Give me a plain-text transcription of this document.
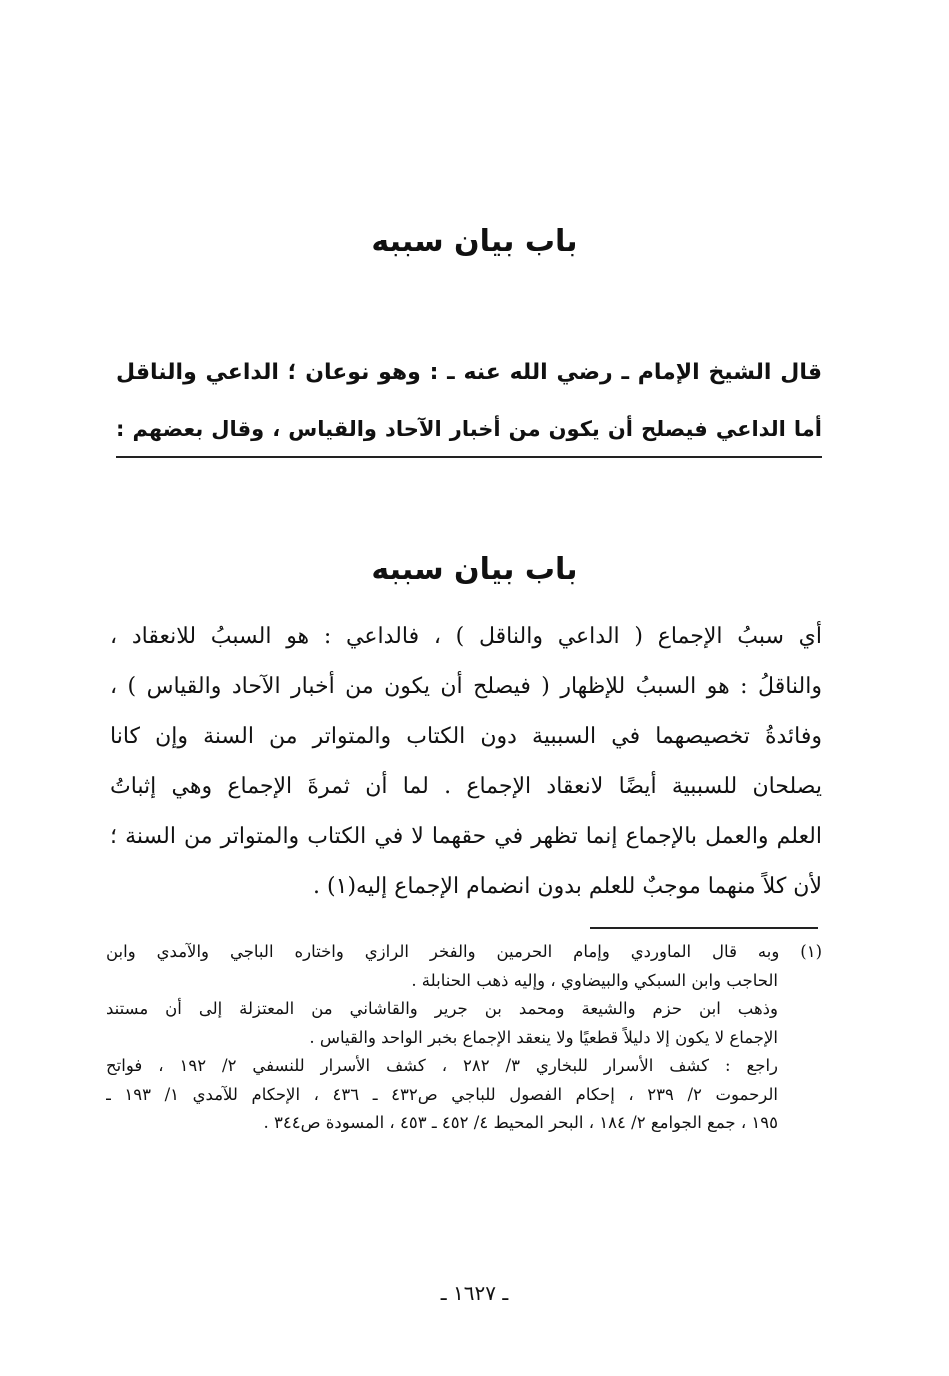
باب بيان سببه
قال الشيخ الإمام ـ رضي الله عنه ـ : وهو نوعان ؛ الداعي والناقل
أما الداعي فيصلح أن يكون من أخبار الآحاد والقياس ، وقال بعضهم :
باب بيان سببه
أي سببُ الإجماع ( الداعي والناقل ) ، فالداعي : هو السببُ للانعقاد ،
والناقلُ : هو السببُ للإظهار ( فيصلح أن يكون من أخبار الآحاد والقياس ) ،
وفائدةُ تخصيصهما في السببية دون الكتاب والمتواتر من السنة وإن كانا
يصلحان للسببية أيضًا لانعقاد الإجماع . لما أن ثمرةَ الإجماع وهي إثباتُ
العلم والعمل بالإجماع إنما تظهر في حقهما لا في الكتاب والمتواتر من السنة ؛
لأن كلاً منهما موجبٌ للعلم بدون انضمام الإجماع إليه(١) .
(١) وبه قال الماوردي وإمام الحرمين والفخر الرازي واختاره الباجي والآمدي وابن
الحاجب وابن السبكي والبيضاوي ، وإليه ذهب الحنابلة .
وذهب ابن حزم والشيعة ومحمد بن جرير والقاشاني من المعتزلة إلى أن مستند
الإجماع لا يكون إلا دليلاً قطعيًا ولا ينعقد الإجماع بخبر الواحد والقياس .
راجع : كشف الأسرار للبخاري ٣/ ٢٨٢ ، كشف الأسرار للنسفي ٢/ ١٩٢ ، فواتح
الرحموت ٢/ ٢٣٩ ، إحكام الفصول للباجي ص٤٣٢ ـ ٤٣٦ ، الإحكام للآمدي ١/ ١٩٣ ـ
١٩٥ ، جمع الجوامع ٢/ ١٨٤ ، البحر المحيط ٤/ ٤٥٢ ـ ٤٥٣ ، المسودة ص٣٤٤ .
ـ ١٦٢٧ ـ
